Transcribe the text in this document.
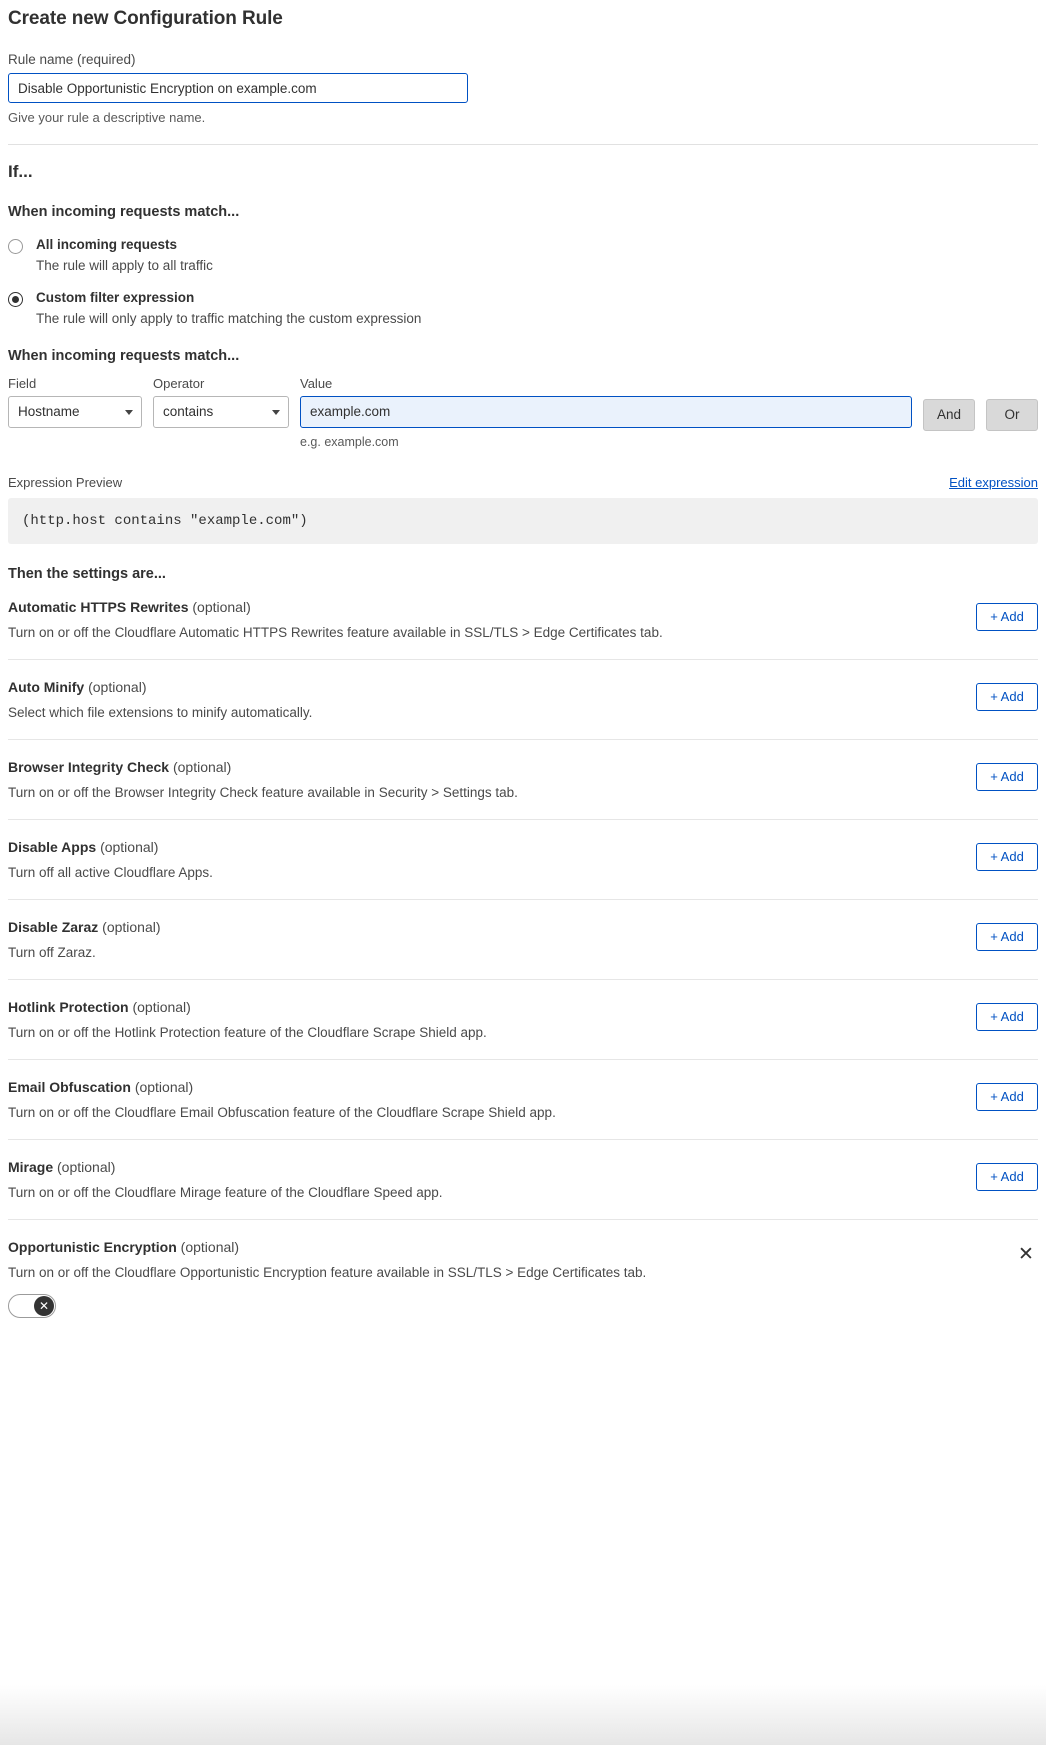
Create new Configuration Rule
Rule name (required)
Disable Opportunistic Encryption on example.com
Give your rule a descriptive name.
If...
When incoming requests match...
All incoming requests
The rule will apply to all traffic
Custom filter expression
The rule will only apply to traffic matching the custom expression
When incoming requests match...
Field
Hostname
Operator
contains
Value
example.com
e.g. example.com
And	Or
Expression Preview	Edit expression
(http.host contains "example.com")
Then the settings are...
Automatic HTTPS Rewrites (optional)
Turn on or off the Cloudflare Automatic HTTPS Rewrites feature available in SSL/TLS > Edge Certificates tab.
+ Add
Auto Minify (optional)
Select which file extensions to minify automatically.
+ Add
Browser Integrity Check (optional)
Turn on or off the Browser Integrity Check feature available in Security > Settings tab.
+ Add
Disable Apps (optional)
Turn off all active Cloudflare Apps.
+ Add
Disable Zaraz (optional)
Turn off Zaraz.
+ Add
Hotlink Protection (optional)
Turn on or off the Hotlink Protection feature of the Cloudflare Scrape Shield app.
+ Add
Email Obfuscation (optional)
Turn on or off the Cloudflare Email Obfuscation feature of the Cloudflare Scrape Shield app.
+ Add
Mirage (optional)
Turn on or off the Cloudflare Mirage feature of the Cloudflare Speed app.
+ Add
Opportunistic Encryption (optional)
Turn on or off the Cloudflare Opportunistic Encryption feature available in SSL/TLS > Edge Certificates tab.
✕
✕
